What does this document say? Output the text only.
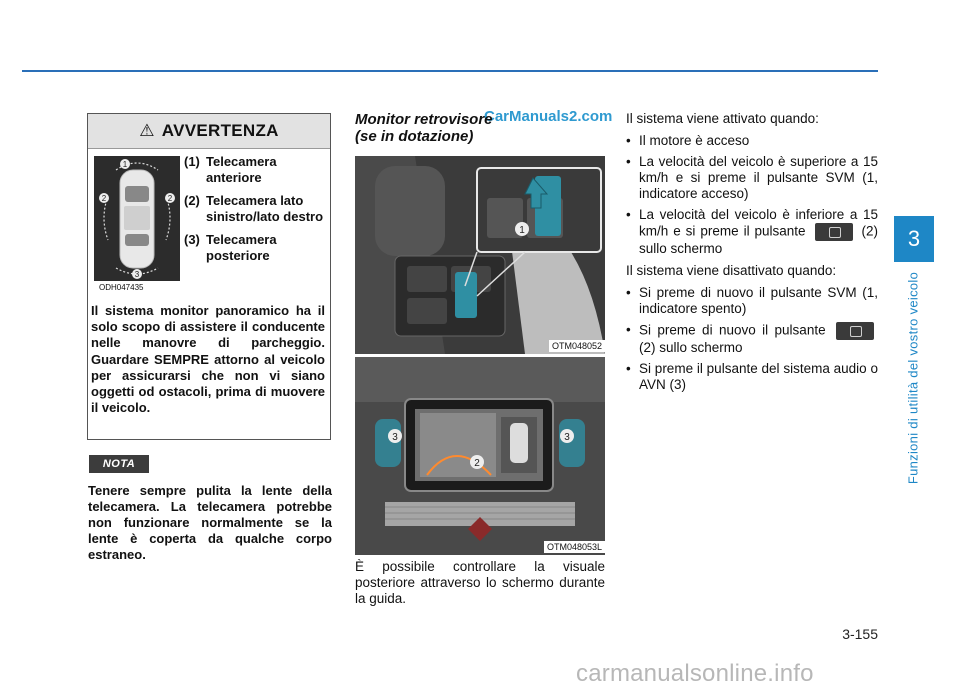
CarManuals2.com
3
Funzioni di utilità del vostro veicolo
⚠ AVVERTENZA
1
2	2
3
ODH047435
(1) Telecamera anteriore
(2) Telecamera lato sinistro/lato destro
(3) Telecamera posteriore
Il sistema monitor panoramico ha il solo scopo di assistere il conducente nelle manovre di parcheggio. Guardare SEMPRE attorno al veicolo per assicurarsi che non vi siano oggetti od ostacoli, prima di muovere il veicolo.
NOTA
Tenere sempre pulita la lente della telecamera. La telecamera potrebbe non funzionare normalmente se la lente è coperta da qualche corpo estraneo.
Monitor retrovisore
(se in dotazione)
1
OTM048052
3	3
2
OTM048053L
È possibile controllare la visuale posteriore attraverso lo schermo durante la guida.

Il sistema viene attivato quando:

• Il motore è acceso
• La velocità del veicolo è superiore a 15 km/h e si preme il pulsante SVM (1, indicatore acceso)
• La velocità del veicolo è inferiore a 15 km/h e si preme il pulsante	(2) sullo schermo

Il sistema viene disattivato quando:

• Si preme di nuovo il pulsante SVM (1, indicatore spento)
• Si preme di nuovo il pulsante  (2) sullo schermo
• Si preme il pulsante del sistema audio o AVN (3)
3-155
carmanualsonline.info
